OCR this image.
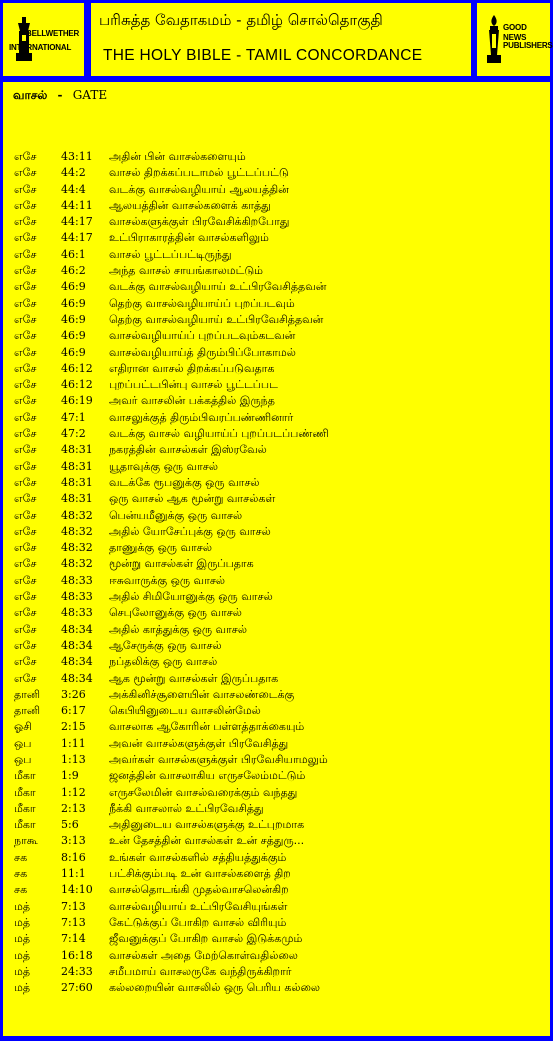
BELLWETHER
INTERNATIONAL
பரிசுத்த வேதாகமம் - தமிழ் சொல்தொகுதி
THE HOLY BIBLE - TAMIL CONCORDANCE
GOOD NEWS
PUBLISHERS
எசே 43:11 அதின் பின் வாசல்களையும்
எசே 44:2 வாசல் திறக்கப்படாமல் பூட்டப்பட்டு
எசே 44:4 வடக்கு வாசல்வழியாய் ஆலயத்தின்
எசே 44:11 ஆலயத்தின் வாசல்களைக் காத்து
எசே 44:17 வாசல்களுக்குள் பிரவேசிக்கிறபோது
எசே 44:17 உட்பிராகாரத்தின் வாசல்களிலும்
எசே 46:1 வாசல் பூட்டப்பட்டிருந்து
எசே 46:2 அந்த வாசல் சாயங்காலமட்டும்
எசே 46:9 வடக்கு வாசல்வழியாய் உட்பிரவேசித்தவன்
எசே 46:9 தெற்கு வாசல்வழியாய்ப் புறப்படவும்
எசே 46:9 தெற்கு வாசல்வழியாய் உட்பிரவேசித்தவன்
எசே 46:9 வாசல்வழியாய்ப் புறப்படவும்கடவன்
எசே 46:9 வாசல்வழியாய்த் திரும்பிப்போகாமல்
எசே 46:12 எதிரான வாசல் திறக்கப்படுவதாக
எசே 46:12 புறப்பட்டபின்பு வாசல் பூட்டப்பட
எசே 46:19 அவர் வாசலின் பக்கத்தில் இருந்த
எசே 47:1 வாசலுக்குத் திரும்பிவரப்பண்ணினார்
எசே 47:2 வடக்கு வாசல் வழியாய்ப் புறப்படப்பண்ணி
எசே 48:31 நகரத்தின் வாசல்கள் இஸ்ரவேல்
எசே 48:31 யூதாவுக்கு ஒரு வாசல்
எசே 48:31 வடக்கே ரூபனுக்கு ஒரு வாசல்
எசே 48:31 ஒரு வாசல் ஆக மூன்று வாசல்கள்
எசே 48:32 பென்யமீனுக்கு ஒரு வாசல்
எசே 48:32 அதில் யோசேப்புக்கு ஒரு வாசல்
எசே 48:32 தாணுக்கு ஒரு வாசல்
எசே 48:32 மூன்று வாசல்கள் இருப்பதாக
எசே 48:33 ஈசுவாருக்கு ஒரு வாசல்
எசே 48:33 அதில் சிமியோனுக்கு ஒரு வாசல்
எசே 48:33 செபுலோனுக்கு ஒரு வாசல்
எசே 48:34 அதில் காத்துக்கு ஒரு வாசல்
எசே 48:34 ஆசேருக்கு ஒரு வாசல்
எசே 48:34 நப்தலிக்கு ஒரு வாசல்
எசே 48:34 ஆக மூன்று வாசல்கள் இருப்பதாக
தானி 3:26 அக்கினிச்சூளையின் வாசலண்டைக்கு
தானி 6:17 கெபியினுடைய வாசலின்மேல்
ஓசி	2:15 வாசலாக ஆகோரின் பள்ளத்தாக்கையும்
ஒப	1:11 அவன் வாசல்களுக்குள் பிரவேசித்து
ஒப	1:13 அவர்கள் வாசல்களுக்குள் பிரவேசியாமலும்
மீகா 1:9	ஜனத்தின் வாசலாகிய எருசலேம்மட்டும்
மீகா 1:12 எருசலேமின் வாசல்வரைக்கும் வந்தது
மீகா 2:13 நீக்கி வாசலால் உட்பிரவேசித்து
மீகா 5:6	அதினுடைய வாசல்களுக்கு உட்புறமாக
நாகூ 3:13 உன் தேசத்தின் வாசல்கள் உன் சத்துரு...
சக	8:16 உங்கள் வாசல்களில் சத்தியத்துக்கும்
சக	11:1 பட்சிக்கும்படி உன் வாசல்களைத் திற
சக	14:10 வாசல்தொடங்கி முதல்வாசலென்கிற
மத்	7:13 வாசல்வழியாய் உட்பிரவேசியுங்கள்
மத்	7:13 கேட்டுக்குப் போகிற வாசல் விரியும்
மத்	7:14 ஜீவனுக்குப் போகிற வாசல் இடுக்கமும்
மத்	16:18 வாசல்கள் அதை மேற்கொள்வதில்லை
மத்	24:33 சமீபமாய் வாசலருகே வந்திருக்கிறார்
மத்	27:60 கல்லறையின் வாசலில் ஒரு பெரிய கல்லை
வாசல் - GATE
